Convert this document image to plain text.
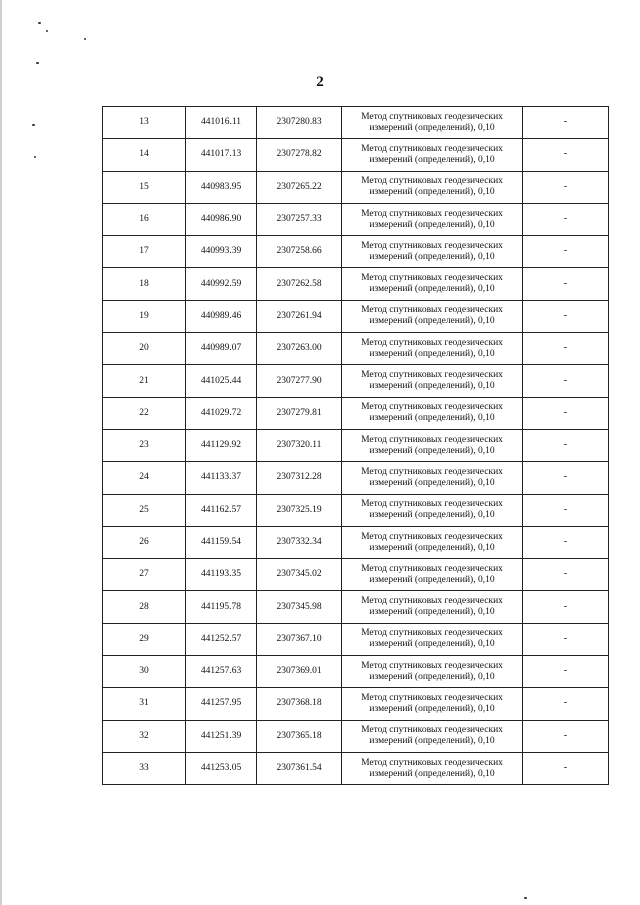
2
13	441016.11	2307280.83	Метод спутниковых геодезических
измерений (определений), 0,10	-
14	441017.13	2307278.82	Метод спутниковых геодезических
измерений (определений), 0,10	-
15	440983.95	2307265.22	Метод спутниковых геодезических
измерений (определений), 0,10	-
16	440986.90	2307257.33	Метод спутниковых геодезических
измерений (определений), 0,10	-
17	440993.39	2307258.66	Метод спутниковых геодезических
измерений (определений), 0,10	-
18	440992.59	2307262.58	Метод спутниковых геодезических
измерений (определений), 0,10	-
19	440989.46	2307261.94	Метод спутниковых геодезических
измерений (определений), 0,10	-
20	440989.07	2307263.00	Метод спутниковых геодезических
измерений (определений), 0,10	-
21	441025.44	2307277.90	Метод спутниковых геодезических
измерений (определений), 0,10	-
22	441029.72	2307279.81	Метод спутниковых геодезических
измерений (определений), 0,10	-
23	441129.92	2307320.11	Метод спутниковых геодезических
измерений (определений), 0,10	-
24	441133.37	2307312.28	Метод спутниковых геодезических
измерений (определений), 0,10	-
25	441162.57	2307325.19	Метод спутниковых геодезических
измерений (определений), 0,10	-
26	441159.54	2307332.34	Метод спутниковых геодезических
измерений (определений), 0,10	-
27	441193.35	2307345.02	Метод спутниковых геодезических
измерений (определений), 0,10	-
28	441195.78	2307345.98	Метод спутниковых геодезических
измерений (определений), 0,10	-
29	441252.57	2307367.10	Метод спутниковых геодезических
измерений (определений), 0,10	-
30	441257.63	2307369.01	Метод спутниковых геодезических
измерений (определений), 0,10	-
31	441257.95	2307368.18	Метод спутниковых геодезических
измерений (определений), 0,10	-
32	441251.39	2307365.18	Метод спутниковых геодезических
измерений (определений), 0,10	-
33	441253.05	2307361.54	Метод спутниковых геодезических
измерений (определений), 0,10	-
